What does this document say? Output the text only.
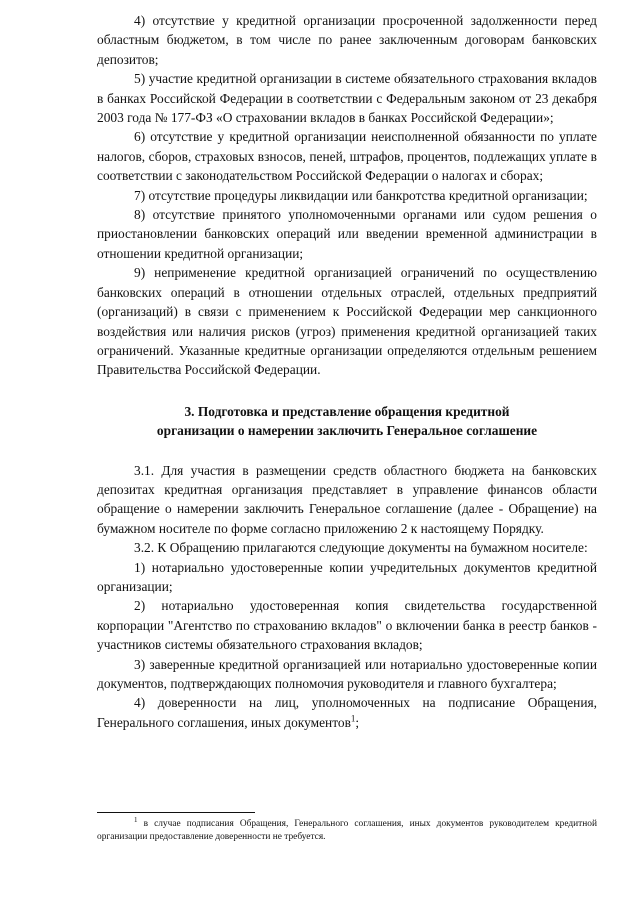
4) отсутствие у кредитной организации просроченной задолженности перед областным бюджетом, в том числе по ранее заключенным договорам банковских депозитов;

5) участие кредитной организации в системе обязательного страхования вкладов в банках Российской Федерации в соответствии с Федеральным законом от 23 декабря 2003 года № 177-ФЗ «О страховании вкладов в банках Российской Федерации»;

6) отсутствие у кредитной организации неисполненной обязанности по уплате налогов, сборов, страховых взносов, пеней, штрафов, процентов, подлежащих уплате в соответствии с законодательством Российской Федерации о налогах и сборах;

7) отсутствие процедуры ликвидации или банкротства кредитной организации;

8) отсутствие принятого уполномоченными органами или судом решения о приостановлении банковских операций или введении временной администрации в отношении кредитной организации;

9) неприменение кредитной организацией ограничений по осуществлению банковских операций в отношении отдельных отраслей, отдельных предприятий (организаций) в связи с применением к Российской Федерации мер санкционного воздействия или наличия рисков (угроз) применения кредитной организацией таких ограничений. Указанные кредитные организации определяются отдельным решением Правительства Российской Федерации.

3. Подготовка и представление обращения кредитной
организации о намерении заключить Генеральное соглашение

3.1. Для участия в размещении средств областного бюджета на банковских депозитах кредитная организация представляет в управление финансов области обращение о намерении заключить Генеральное соглашение (далее - Обращение) на бумажном носителе по форме согласно приложению 2 к настоящему Порядку.

3.2. К Обращению прилагаются следующие документы на бумажном носителе:

1) нотариально удостоверенные копии учредительных документов кредитной организации;

2) нотариально удостоверенная копия свидетельства государственной корпорации "Агентство по страхованию вкладов" о включении банка в реестр банков - участников системы обязательного страхования вкладов;

3) заверенные кредитной организацией или нотариально удостоверенные копии документов, подтверждающих полномочия руководителя и главного бухгалтера;

4) доверенности на лиц, уполномоченных на подписание Обращения, Генерального соглашения, иных документов$^1$;

$^1$ в случае подписания Обращения, Генерального соглашения, иных документов руководителем кредитной организации предоставление доверенности не требуется.
